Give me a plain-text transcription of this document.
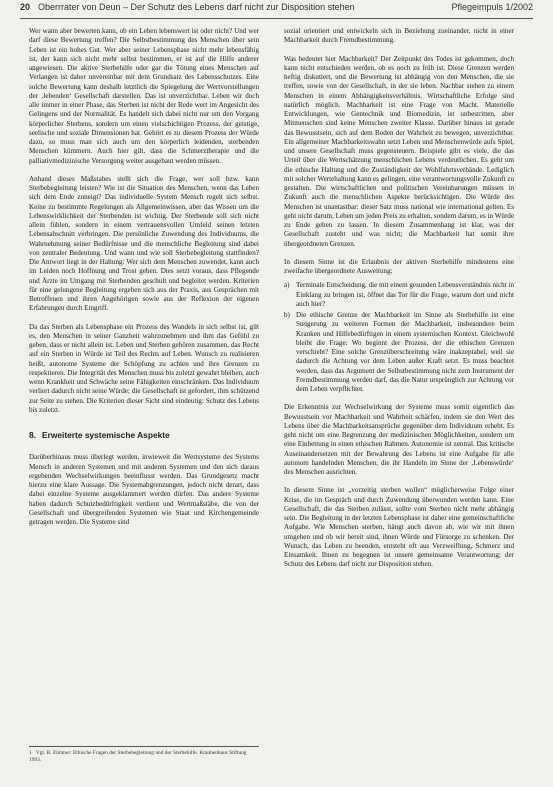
20 Oberrrater von Deun – Der Schutz des Lebens darf nicht zur Disposition stehen	Pflegeimpuls 1/2002

Wer wann aber bewerten kann, ob ein Leben lebenswert ist oder nicht? Und wer darf diese Bewertung treffen? Die Selbstbestimmung des Menschen über sein Leben ist ein hohes Gut. Wer aber seiner Lebensphase nicht mehr lebensfähig ist, der kann sich nicht mehr selbst bestimmen, er ist auf die Hilfe anderer angewiesen. Die aktive Sterbehilfe oder gar die Tötung eines Menschen auf Verlangen ist daher unvereinbar mit dem Grundsatz des Lebensschutzes. Eine solche Bewertung kann deshalb letztlich die Spiegelung der Wertvorstellungen der ‚lebenden‘ Gesellschaft darstellen. Das ist unverzichtbar. Leben wir doch alle immer in einer Phase, das Sterben ist nicht der Rede wert im Angesicht des Gelingens und der Normalität. Es handelt sich dabei nicht nur um den Vorgang körperlicher Sterbens, sondern um einen vielschichtigen Prozess, der geistige, seelische und soziale Dimensionen hat. Gehört es zu diesem Prozess der Würde dazu, so muss man sich auch um den körperlich leidenden, sterbenden Menschen kümmern. Auch hier gilt, dass die Schmerztherapie und die palliativmedizinische Versorgung weiter ausgebaut werden müssen.

Anhand dieses Maßstabes stellt sich die Frage, wer soll bzw. kann Sterbebegleitung leisten? Wie ist die Situation des Menschen, wenn das Leben sich dem Ende zuneigt? Das individuelle System Mensch regelt sich selbst. Keine zu bestimmte Regelungen als Allgemeinwissen, aber das Wissen um die Lebenswirklichkeit der Sterbenden ist wichtig. Der Sterbende soll sich nicht allein fühlen, sondern in einem vertrauensvollen Umfeld seinen letzten Lebensabschnitt verbringen. Die persönliche Zuwendung des Individuums, die Wahrnehmung seiner Bedürfnisse und die menschliche Begleitung sind dabei von zentraler Bedeutung. Und wann und wie soll Sterbebegleitung stattfinden? Die Antwort liegt in der Haltung: Wer sich dem Menschen zuwendet, kann auch im Leiden noch Hoffnung und Trost geben. Dies setzt voraus, dass Pflegende und Ärzte im Umgang mit Sterbenden geschult und begleitet werden. Kriterien für eine gelungene Begleitung ergeben sich aus der Praxis, aus Gesprächen mit Betroffenen und ihren Angehörigen sowie aus der Reflexion der eigenen Erfahrungen durch Eingriff.

Da das Sterben als Lebensphase ein Prozess des Wandels in sich selbst ist, gilt es, den Menschen in seiner Ganzheit wahrzunehmen und ihm das Gefühl zu geben, dass er nicht allein ist. Leben und Sterben gehören zusammen, das Recht auf ein Sterben in Würde ist Teil des Rechts auf Leben. Wunsch zu realisieren heißt, autonome Systeme der Schöpfung zu achten und ihre Grenzen zu respektieren. Die Integrität des Menschen muss bis zuletzt gewahrt bleiben, auch wenn Krankheit und Schwäche seine Fähigkeiten einschränken. Das Individuum verliert dadurch nicht seine Würde; die Gesellschaft ist gefordert, ihm schützend zur Seite zu stehen. Die Kriterien dieser Sicht sind eindeutig: Schutz des Lebens bis zuletzt.

8. Erweiterte systemische Aspekte

Darüberhinaus muss überlegt werden, inwieweit die Wertsysteme des Systems Mensch in anderen Systemen und mit anderen Systemen und den sich daraus ergebenden Wechselwirkungen beeinflusst werden. Das Grundgesetz macht hierzu eine klare Aussage. Die Systemabgrenzungen, jedoch nicht derart, dass dabei einzelne Systeme ausgeklammert werden dürfen. Das andere Systeme haben dadurch Schutzbedürftigkeit verdient und Wertmaßstäbe, die von der Gesellschaft und übergreifenden Systemen wie Staat und Kirchengemeinde getragen werden. Die Systeme sind

sozial orientiert und entwickeln sich in Beziehung zueinander, nicht in einer Machbarkeit durch Fremdbestimmung.

Was bedeutet hier Machbarkeit? Der Zeitpunkt des Todes ist gekommen, doch kann nicht entschieden werden, ob es noch zu früh ist. Diese Grenzen werden heftig diskutiert, und die Bewertung ist abhängig von den Menschen, die sie treffen, sowie von der Gesellschaft, in der sie leben. Nachbar stehen zu einem Menschen in einem Abhängigkeitsverhältnis. Wirtschaftliche Erfolge sind natürlich möglich. Machbarkeit ist eine Frage von Macht. Materielle Entwicklungen, wie Gentechnik und Biomedizin, ist unbestritten, aber Mitmenschen sind keine Menschen zweiter Klasse. Darüber hinaus ist gerade das Bewusstsein, sich auf dem Boden der Wahrheit zu bewegen, unverzichtbar. Ein allgemeiner Machbarkeitswahn setzt Leben und Menschenwürde aufs Spiel, und unsere Gesellschaft muss gegensteuern. Beispiele gibt es viele, die das Urteil über die Wertschätzung menschlichen Lebens verdeutlichen. Es geht um die ethische Haltung und die Zuständigkeit der Wohlfahrtsverbände. Lediglich mit solcher Wertehaltung kann es gelingen, eine verantwortungsvolle Zukunft zu gestalten. Die wirtschaftlichen und politischen Vereinbarungen müssen in Zukunft auch die menschlichen Aspekte berücksichtigen. Die Würde des Menschen ist unantastbar: dieser Satz muss national wie international gelten. Es geht nicht darum, Leben um jeden Preis zu erhalten, sondern darum, es in Würde zu Ende gehen zu lassen. In diesem Zusammenhang ist klar, was der Gesellschaft zusteht und was nicht; die Machbarkeit hat somit ihre übergeordneten Grenzen.

In diesem Sinne ist die Erlaubnis der aktiven Sterbehilfe mindestens eine zweifache übergeordnete Ausweitung:

a) Terminale Entscheidung, die mit einem gesunden Lebensverständnis nicht in Einklang zu bringen ist, öffnet das Tor für die Frage, warum dort und nicht auch hier?
b) Die ethische Grenze der Machbarkeit im Sinne als Sterbehilfe ist eine Steigerung zu weiteren Formen der Machbarkeit, insbesondere beim Kranken und Hilfebedürftigen in einem systemischen Kontext. Gleichwohl bleibt die Frage: Wo beginnt der Prozess, der die ethischen Grenzen verschiebt? Eine solche Grenzüberschreitung wäre inakzeptabel, weil sie dadurch die Achtung vor dem Leben außer Kraft setzt. Es muss beachtet werden, dass das Argument der Selbstbestimmung nicht zum Instrument der Fremdbestimmung werden darf, das die Natur ursprünglich zur Achtung vor dem Leben verpflichtet.

Die Erkenntnis zur Wechselwirkung der Systeme muss somit eigentlich das Bewusstsein vor Machbarkeit und Wahrheit schärfen, indem sie den Wert des Lebens über die Machbarkeitsansprüche gegenüber dem Individuum erhebt. Es geht nicht um eine Begrenzung der medizinischen Möglichkeiten, sondern um eine Einbettung in einen ethischen Rahmen. Autonomie ist zentral. Das kritische Auseinandersetzen mit der Bewahrung des Lebens ist eine Aufgabe für alle autonom handelnden Menschen, die ihr Handeln im Sinne der ‚Lebenswürde‘ des Menschen ausrichten.

In diesem Sinne ist „vorzeitig sterben wollen“ möglicherweise Folge einer Krise, die im Gespräch und durch Zuwendung überwunden werden kann. Eine Gesellschaft, die das Sterben zulässt, sollte vom Sterben nicht mehr abhängig sein. Die Begleitung in der letzten Lebensphase ist daher eine gemeinschaftliche Aufgabe. Wie Menschen sterben, hängt auch davon ab, wie wir mit ihnen umgehen und ob wir bereit sind, ihnen Würde und Fürsorge zu schenken. Der Wunsch, das Leben zu beenden, entsteht oft aus Verzweiflung, Schmerz und Einsamkeit. Ihnen zu begegnen ist unsere gemeinsame Verantwortung; der Schutz des Lebens darf nicht zur Disposition stehen.

1 Vgl. B. Zimmer: Ethische Fragen der Sterbebegleitung und der Sterbehilfe. Kranhenhaus Stiftung 1993.
